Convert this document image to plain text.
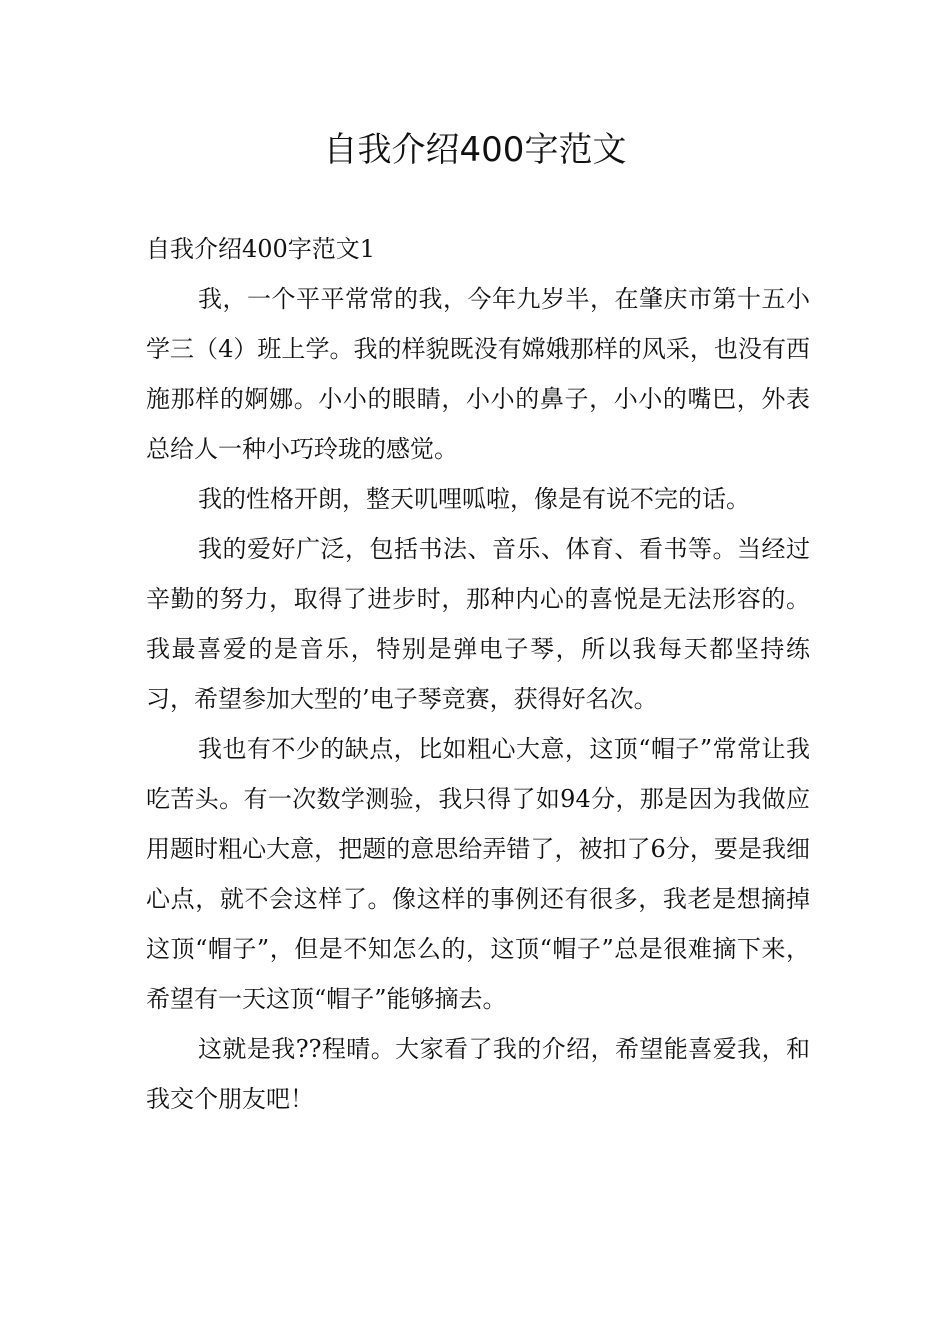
自我介绍400字范文

自我介绍400字范文1

我，一个平平常常的我，今年九岁半，在肇庆市第十五小学三（4）班上学。我的样貌既没有嫦娥那样的风采，也没有西施那样的婀娜。小小的眼睛，小小的鼻子，小小的嘴巴，外表总给人一种小巧玲珑的感觉。

我的性格开朗，整天叽哩呱啦，像是有说不完的话。

我的爱好广泛，包括书法、音乐、体育、看书等。当经过辛勤的努力，取得了进步时，那种内心的喜悦是无法形容的。我最喜爱的是音乐，特别是弹电子琴，所以我每天都坚持练习，希望参加大型的’电子琴竞赛，获得好名次。

我也有不少的缺点，比如粗心大意，这顶“帽子”常常让我吃苦头。有一次数学测验，我只得了如94分，那是因为我做应用题时粗心大意，把题的意思给弄错了，被扣了6分，要是我细心点，就不会这样了。像这样的事例还有很多，我老是想摘掉这顶“帽子”，但是不知怎么的，这顶“帽子”总是很难摘下来，希望有一天这顶“帽子”能够摘去。

这就是我??程晴。大家看了我的介绍，希望能喜爱我，和我交个朋友吧！
